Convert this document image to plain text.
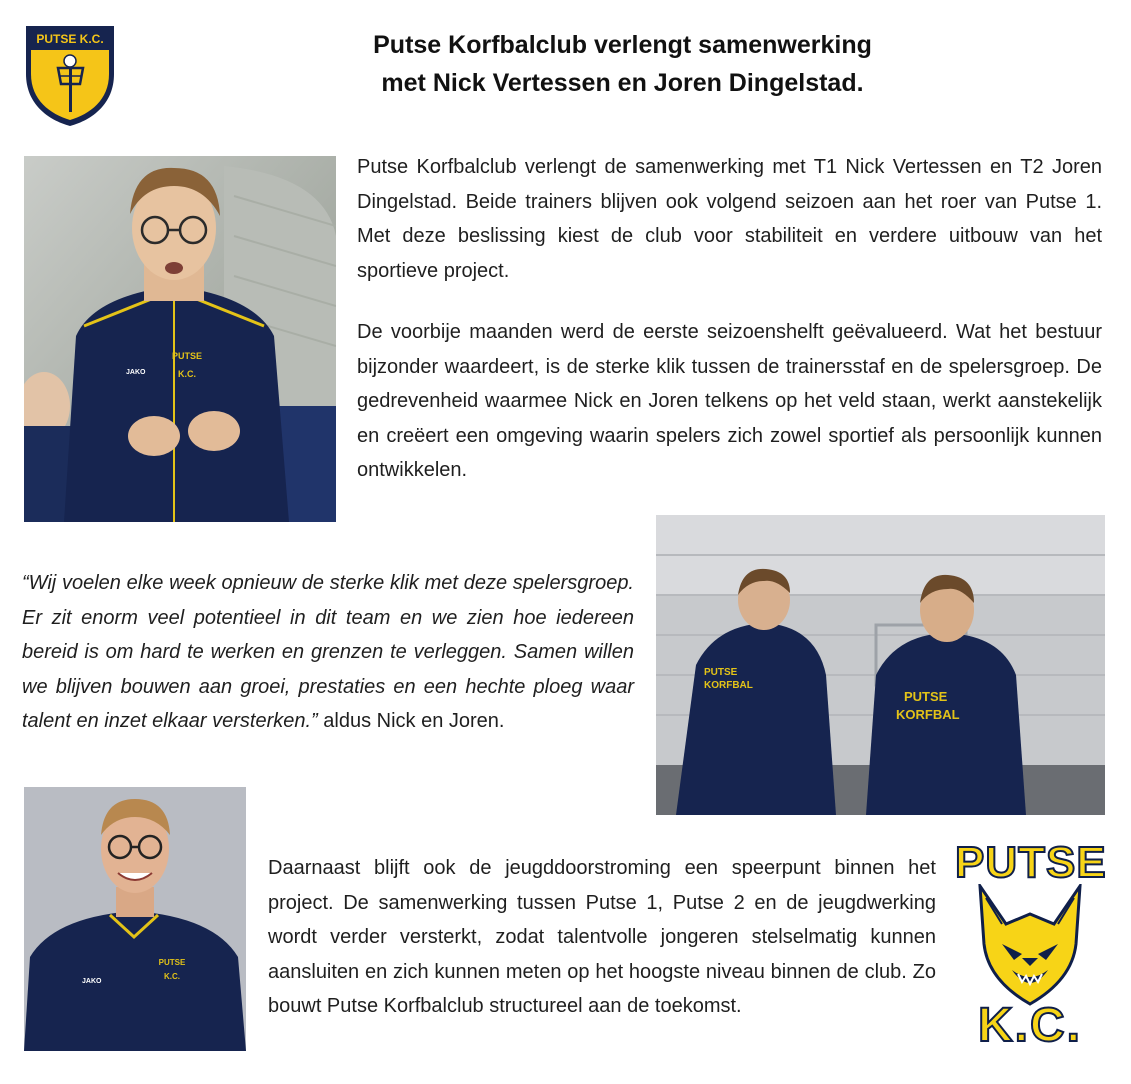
PUTSE K.C.	Putse Korfbalclub verlengt samenwerking
met Nick Vertessen en Joren Dingelstad.
PUTSE K.C.
JAKO

Putse Korfbalclub verlengt de samenwerking met T1 Nick Vertessen en T2 Joren Dingelstad. Beide trainers blijven ook volgend seizoen aan het roer van Putse 1. Met deze beslissing kiest de club voor stabiliteit en verdere uitbouw van het sportieve project.

De voorbije maanden werd de eerste seizoenshelft geëvalueerd. Wat het bestuur bijzonder waardeert, is de sterke klik tussen de trainersstaf en de spelersgroep. De gedrevenheid waarmee Nick en Joren telkens op het veld staan, werkt aanstekelijk en creëert een omgeving waarin spelers zich zowel sportief als persoonlijk kunnen ontwikkelen.

PUTSE KORFBAL
PUTSE KORFBAL

“Wij voelen elke week opnieuw de sterke klik met deze spelersgroep. Er zit enorm veel potentieel in dit team en we zien hoe iedereen bereid is om hard te werken en grenzen te verleggen. Samen willen we blijven bouwen aan groei, prestaties en een hechte ploeg waar talent en inzet elkaar versterken.” aldus Nick en Joren.

PUTSE K.C.
JAKO

Daarnaast blijft ook de jeugddoorstroming een speerpunt binnen het project. De samenwerking tussen Putse 1, Putse 2 en de jeugdwerking wordt verder versterkt, zodat talentvolle jongeren stelselmatig kunnen aansluiten en zich kunnen meten op het hoogste niveau binnen de club. Zo bouwt Putse Korfbalclub structureel aan de toekomst.

PUTSE
K.C.
